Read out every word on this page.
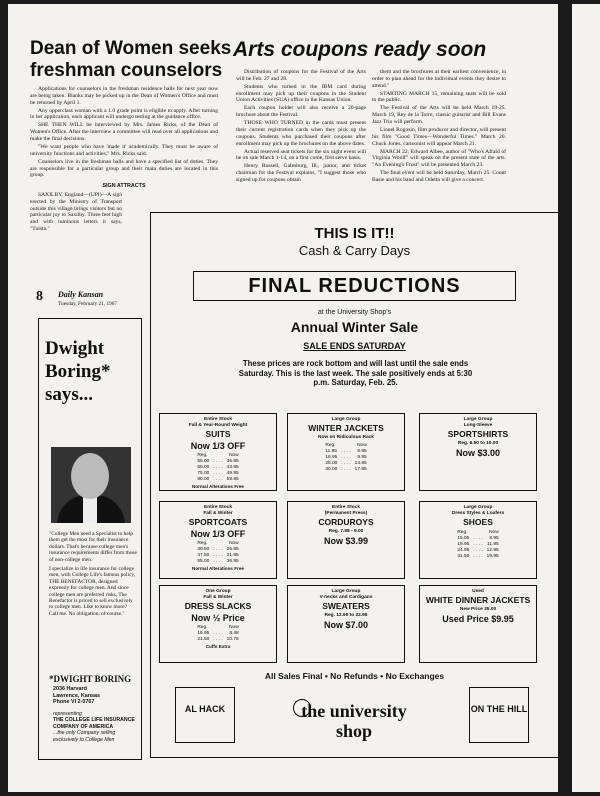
Dean of Women seeks freshman counselors
Arts coupons ready soon

Applications for counselors in the freshman residence halls for next year now are being taken. Blanks may be picked up in the Dean of Women's Office and must be returned by April 1.

Any upperclass woman with a 1.0 grade point is eligible to apply. After turning in her application, each applicant will undergo testing at the guidance office.

SHE THEN WILL be interviewed by Mrs. James Ricks, of the Dean of Women's Office. After the interview a committee will read over all applications and make the final decisions.

"We want people who have 'made it' academically. They must be aware of university functions and activities," Mrs. Ricks said.

Counselors live in the freshman halls and have a specified list of duties. They are responsible for a particular group and their main duties are located in this group.

SIGN ATTRACTS

SAXILBY, England—(UPI)—A sign erected by the Ministry of Transport outside this village brings visitors but no particular joy to Saxilby. Three feet high and with luminous letters it says, "Tulsta."

Distribution of coupons for the Festival of the Arts will be Feb. 27 and 28.

Students who turned in the IBM card during enrollment may pick up their coupons in the Student Union Activities (SUA) office in the Kansas Union.

Each coupon holder will also receive a 20-page brochure about the Festival.

THOSE WHO TURNED in the cards must present their current registration cards when they pick up the coupons. Students who purchased their coupons after enrollment may pick up the brochures on the above dates.

Actual reserved seat tickets for the six night event will be on sale March 1-14, on a first come, first serve basis.

Henry Russell, Galesburg, Ill., junior, and ticket chairman for the Festival explains, "I suggest those who signed up for coupons obtain

them and the brochures at their earliest convenience, in order to plan ahead for the individual events they desire to attend."

STARTING MARCH 15, remaining seats will be sold to the public.

The Festival of the Arts will be held March 19-25. March 19, Rey de la Torre, classic guitarist and Bill Evans Jazz Trio will perform.

Lionel Rogosin, film producer and director, will present his film "Good Times—Wonderful Times." March 20. Chuck Jones, cartoonist will appear March 21.

MARCH 22, Edward Albee, author of "Who's Afraid of Virginia Woolf" will speak on the present state of the arts. "An Evening's Frost" will be presented March 23.

The final event will be held Saturday, March 25. Count Basie and his band and Odetta will give a concert.

8 Daily Kansan
Tuesday, February 21, 1967
Dwight Boring* says...

"College Men need a Specialist to help them get the most for their insurance dollars. That's because college men's insurance requirements differ from those of non-college men.

I specialize in life insurance for college men, with College Life's famous policy, THE BENEFACTOR, designed expressly for college men. And since college men are preferred risks, The Benefactor is priced to sell exclusively to college men. Like to know more? Call me. No obligation, of course."

*DWIGHT BORING
2036 Harvard
Lawrence, Kansas
Phone VI 2-0767
representing
THE COLLEGE LIFE INSURANCE COMPANY OF AMERICA
...the only Company selling exclusively to College Men
THIS IS IT!!
Cash & Carry Days
FINAL REDUCTIONS
at the University Shop's
Annual Winter Sale
SALE ENDS SATURDAY
These prices are rock bottom and will last until the sale ends Saturday. This is the last week. The sale positively ends at 5:30 p.m. Saturday, Feb. 25.
Entire Stock
Fall & Year-Round Weight
SUITS
Now 1/3 OFF
Reg.		Now
55.00	. . . .	36.95
65.00	. . . .	43.95
75.00	. . . .	49.95
90.00	. . . .	59.95
Normal Alterations Free
Large Group
WINTER JACKETS
Now on Ridiculous Rack
Reg.		Now
11.95	. . . .	6.95
16.95	. . . .	9.95
25.00	. . . .	14.95
30.00	. . . .	17.95
Large Group
Long-Sleeve
SPORTSHIRTS
Reg. 6.50 to 10.00
Now $3.00
Entire Stock
Fall & Winter
SPORTCOATS
Now 1/3 OFF
Reg.		Now
39.50	. . . .	26.95
47.50	. . . .	31.95
55.00	. . . .	36.95
Normal Alterations Free
Entire Stock
(Permanent Press)
CORDUROYS
Reg. 7.98 - 9.00
Now $3.99
Large Group
Dress Styles & Loafers
SHOES
Reg.		Now
15.95	. . . .	8.95
19.95	. . . .	11.95
24.95	. . . .	12.95
31.50	. . . .	19.95
One Group
Fall & Winter
DRESS SLACKS
Now ½ Price
Reg.		Now
16.95	. . . .	8.48
21.50	. . . .	10.75
Cuffs Extra
Large Group
V-necks and Cardigans
SWEATERS
Reg. 12.95 to 22.95
Now $7.00
Used
WHITE DINNER JACKETS
New Price 35.00
Used Price $9.95
All Sales Final • No Refunds • No Exchanges
AL HACK	the university
shop
ON THE HILL
